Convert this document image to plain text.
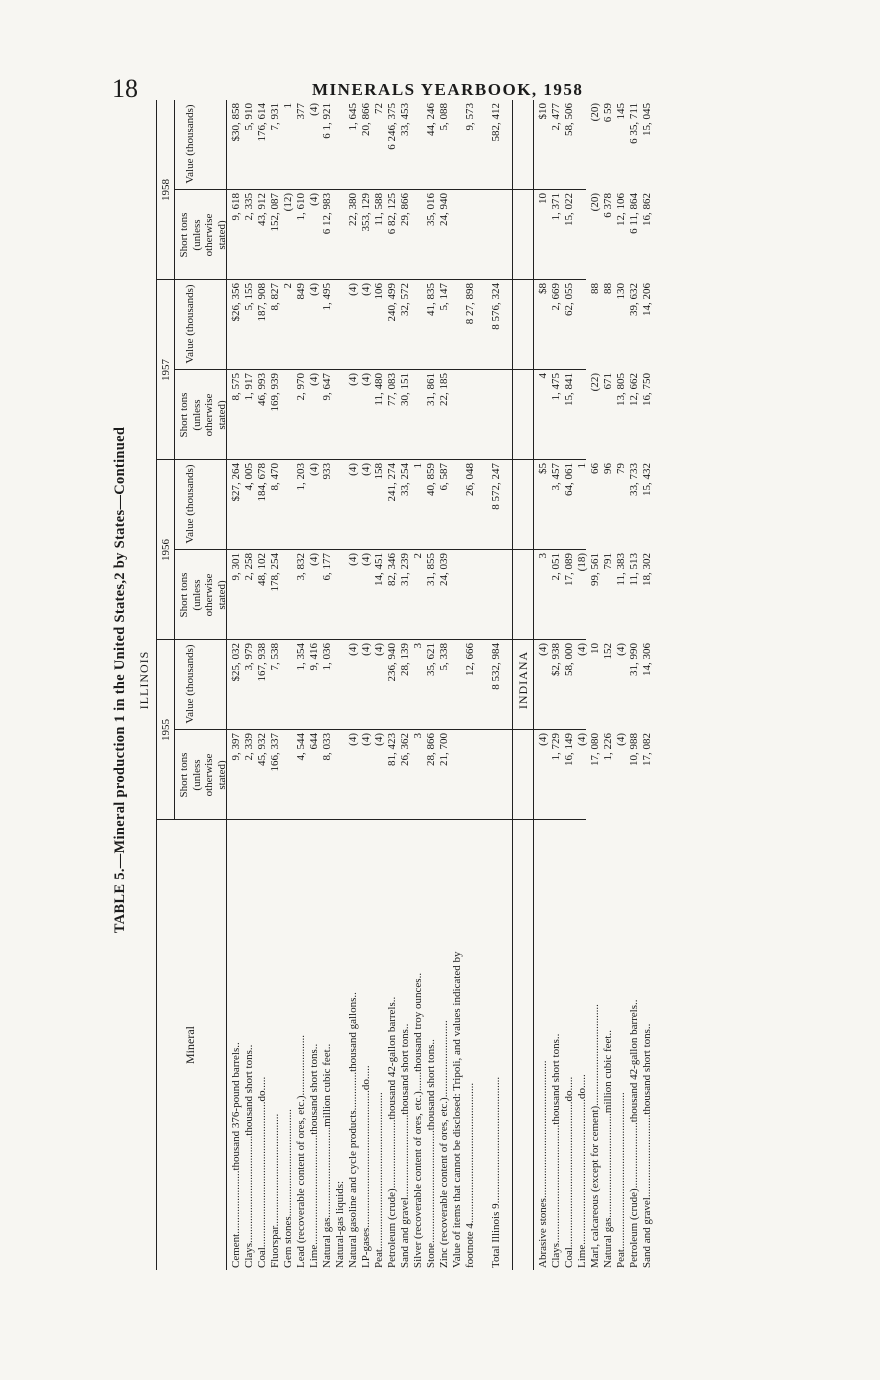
18	MINERALS YEARBOOK, 1958
TABLE 5.—Mineral production 1 in the United States,2 by States—Continued ILLINOIS
Mineral
1955
1956
1957
1958
Short tons (unless otherwise stated)
Value (thousands)
Short tons (unless otherwise stated)
Value (thousands)
Short tons (unless otherwise stated)
Value (thousands)
Short tons (unless otherwise stated)
Value (thousands)
Cement.......................thousand 376-pound barrels..
9, 397
$25, 032
9, 301
$27, 264
8, 575
$26, 356
9, 618
$30, 858
Clays.......................................thousand short tons..
2, 339
3, 979
2, 258
4, 005
1, 917
5, 155
2, 335
5, 910
Coal.....................................................do.....
45, 932
167, 938
48, 102
184, 678
46, 993
187, 908
43, 912
176, 614
Fluorspar.........................................
166, 337
7, 538
178, 254
8, 470
169, 939
8, 827
152, 087
7, 931
Gem stones.......................................
2
(12)
1
Lead (recoverable content of ores, etc.)......................
4, 544
1, 354
3, 832
1, 203
2, 970
849
1, 610
377
Lime........................................thousand short tons..
644
9, 416
(4)
(4)
(4)
(4)
(4)
(4)
Natural gas.................................million cubic feet..
8, 033
1, 036
6, 177
933
9, 647
1, 495
6 12, 983
6 1, 921
Natural-gas liquids: Natural gasoline and cycle products..............thousand gallons..
(4)
(4)
(4)
(4)
(4)
(4)
22, 380
1, 645
LP-gases..................................................do.....
(4)
(4)
(4)
(4)
(4)
(4)
353, 129
20, 866
Peat.........................................................
(4)
(4)
14, 451
158
11, 480
106
11, 588
72
Petroleum (crude).........................thousand 42-gallon barrels..
81, 423
236, 940
82, 346
241, 274
77, 083
240, 499
6 82, 125
6 246, 375
Sand and gravel..............................thousand short tons..
26, 362
28, 139
31, 239
33, 254
30, 151
32, 572
29, 866
33, 453
Silver (recoverable content of ores, etc.).......thousand troy ounces..
3
3
2
1
Stone.........................................thousand short tons..
28, 866
35, 621
31, 855
40, 859
31, 861
41, 835
35, 016
44, 246
Zinc (recoverable content of ores, etc.)............................
21, 700
5, 338
24, 039
6, 587
22, 185
5, 147
24, 940
5, 088
Value of items that cannot be disclosed: Tripoli, and values indicated by footnote 4...................................................
12, 666
26, 048
8 27, 898
9, 573
Total Illinois 9..............................................
8 532, 984
8 572, 247
8 576, 324
582, 412
INDIANA
Abrasive stones..................................................
(4)
(4)
3
$5
4
$8
10
$10
Clays...........................................thousand short tons..
1, 729
$2, 938
2, 051
3, 457
1, 475
2, 669
1, 371
2, 477
Coal.....................................................do.....
16, 149
58, 000
17, 089
64, 061
15, 841
62, 055
15, 022
58, 506
Lime.....................................................do.....
(4)
(4)
(18)
1
Marl, calcareous (except for cement).....................................
17, 080
10
99, 561
66
(22)
88
(20)
(20)
Natural gas......................................million cubic feet..
1, 226
152
791
96
671
88
6 378
6 59
Peat.........................................................
(4)
(4)
11, 383
79
13, 805
130
12, 106
145
Petroleum (crude)........................thousand 42-gallon barrels..
10, 988
31, 990
11, 513
33, 733
12, 662
39, 632
6 11, 864
6 35, 711
Sand and gravel..............................thousand short tons..
17, 082
14, 306
18, 302
15, 432
16, 750
14, 206
16, 862
15, 045
